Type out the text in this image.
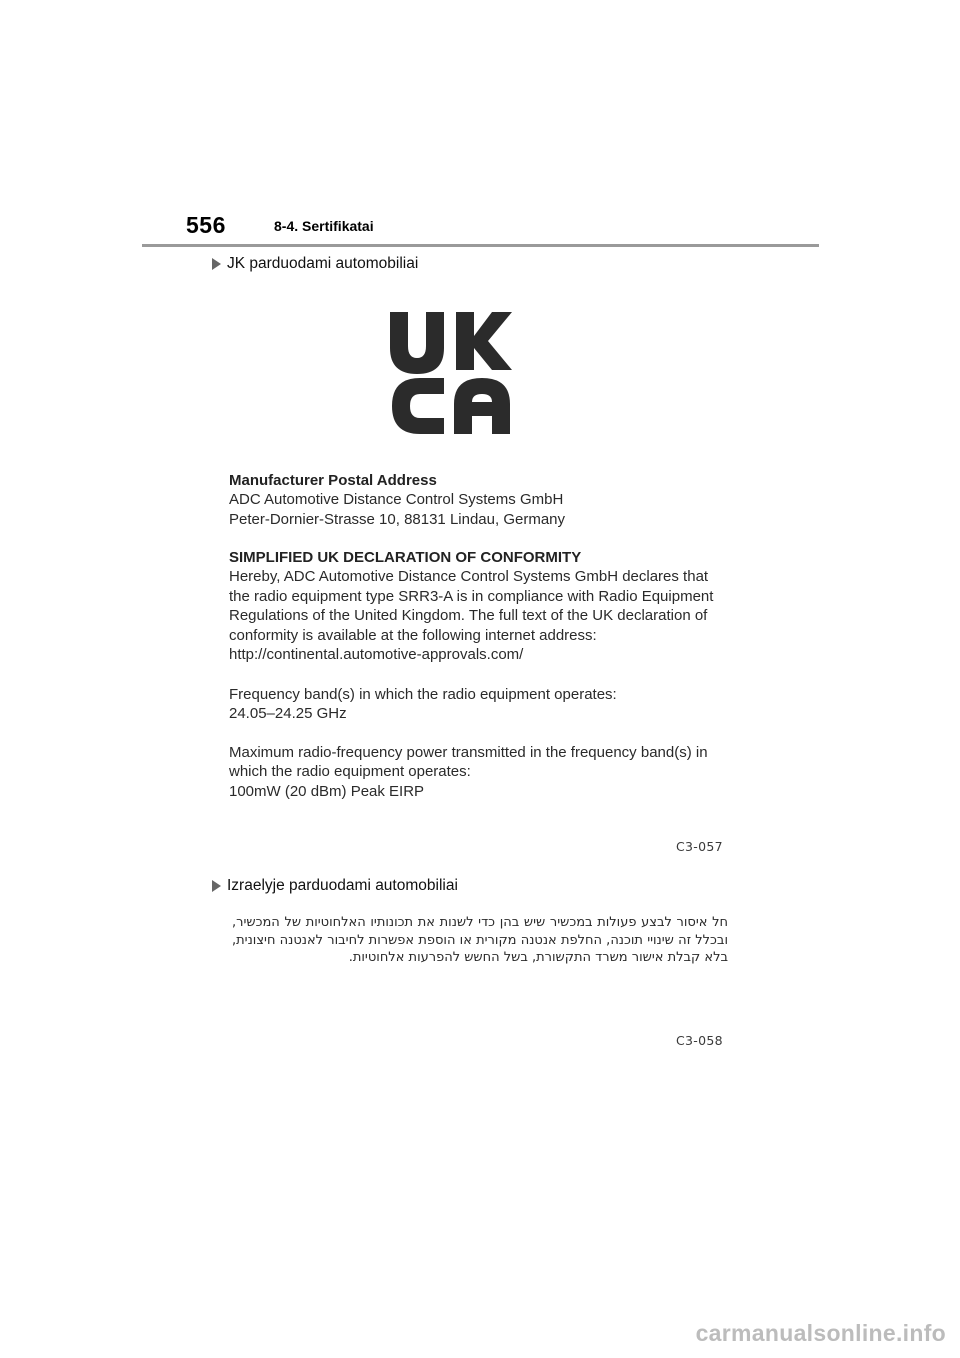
556	8-4. Sertifikatai
JK parduodami automobiliai
Manufacturer Postal Address
ADC Automotive Distance Control Systems GmbH
Peter-Dornier-Strasse 10, 88131 Lindau, Germany
SIMPLIFIED UK DECLARATION OF CONFORMITY
Hereby, ADC Automotive Distance Control Systems GmbH declares that
the radio equipment type SRR3-A is in compliance with Radio Equipment
Regulations of the United Kingdom. The full text of the UK declaration of
conformity is available at the following internet address:
http://continental.automotive-approvals.com/
Frequency band(s) in which the radio equipment operates:
24.05–24.25 GHz
Maximum radio-frequency power transmitted in the frequency band(s) in
which the radio equipment operates:
100mW (20 dBm) Peak EIRP
C3-057
Izraelyje parduodami automobiliai
חל איסור לבצע פעולות במכשיר שיש בהן כדי לשנות את תכונותיו האלחוטיות של המכשיר, ובכלל זה שינויי תוכנה, החלפת אנטנה מקורית או הוספת אפשרות לחיבור לאנטנה חיצונית, בלא קבלת אישור משרד התקשורת, בשל החשש להפרעות אלחוטיות.
C3-058
carmanualsonline.info
